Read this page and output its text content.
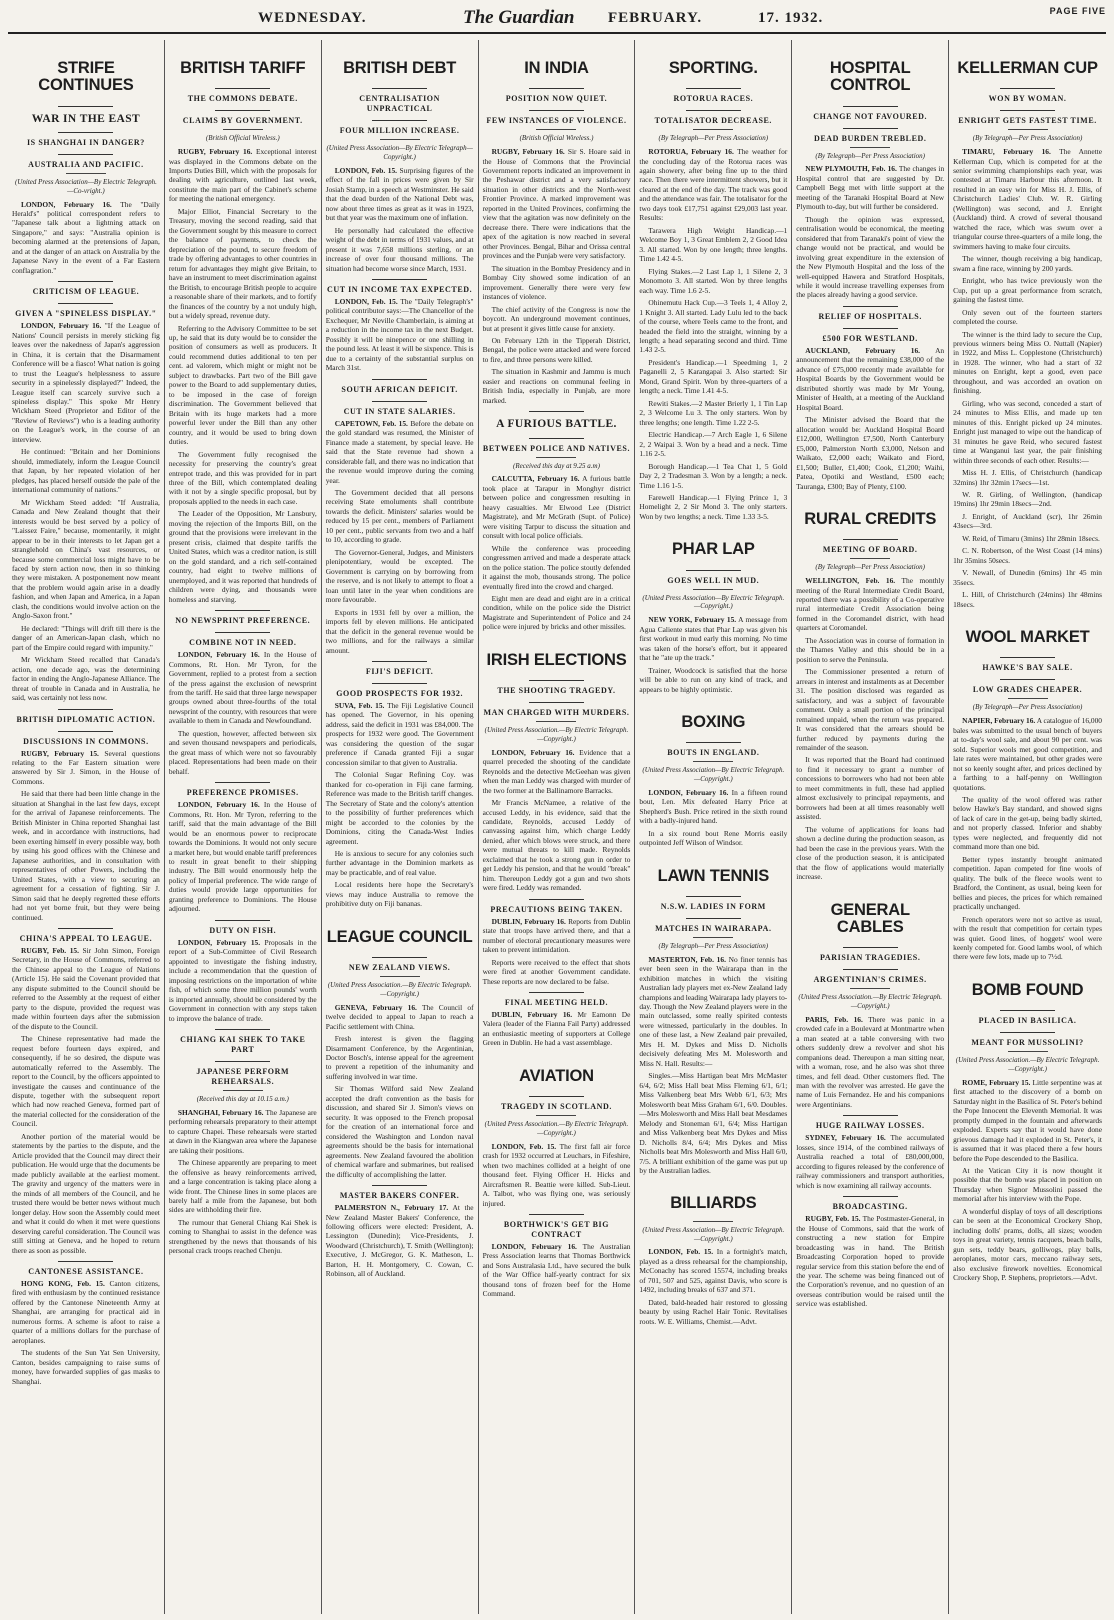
WEDNESDAY.	The Guardian FEBRUARY.	17. 1932.	PAGE FIVE
STRIFE CONTINUES
WAR IN THE EAST
IS SHANGHAI IN DANGER?
AUSTRALIA AND PACIFIC.
(United Press Association—By Electric Telegraph.—Co-vright.)

LONDON, February 16. The "Daily Herald's" political correspondent refers to "Japanese talk about a lightning attack on Singapore," and says: "Australia opinion is becoming alarmed at the pretensions of Japan, and at the danger of an attack on Australia by the Japanese Navy in the event of a Far Eastern conflagration."

CRITICISM OF LEAGUE.
GIVEN A "SPINELESS DISPLAY."

LONDON, February 16. "If the League of Nations' Council persists in merely sticking fig leaves over the nakedness of Japan's aggression in China, it is certain that the Disarmament Conference will be a fiasco! What nation is going to trust the League's helplessness to assure security in a spinelessly displayed?" Indeed, the League itself can scarcely survive such a spineless display." This spoke Mr Henry Wickham Steed (Proprietor and Editor of the "Review of Reviews") who is a leading authority on the League's work, in the course of an interview.

He continued: "Britain and her Dominions should, immediately, inform the League Council that Japan, by her repeated violation of her pledges, has placed herself outside the pale of the international community of nations."

Mr Wickham Steed added: "If Australia, Canada and New Zealand thought that their interests would be best served by a policy of "Laissez Faire," because, momentarily, it might appear to be in their interests to let Japan get a stranglehold on China's vast resources, or because some commercial loss might have to be faced by stern action now, then in so thinking they were mistaken. A postponement now meant that the problem would again arise in a deadly fashion, and when Japan and America, in a Japan clash, the conditions would involve action on the Anglo-Saxon front."

He declared: "Things will drift till there is the danger of an American-Japan clash, which no part of the Empire could regard with impunity."

Mr Wickham Steed recalled that Canada's action, one decade ago, was the determining factor in ending the Anglo-Japanese Alliance. The threat of trouble in Canada and in Australia, he said, was certainly not less now.

BRITISH DIPLOMATIC ACTION.
DISCUSSIONS IN COMMONS.

RUGBY, February 15. Several questions relating to the Far Eastern situation were answered by Sir J. Simon, in the House of Commons.

He said that there had been little change in the situation at Shanghai in the last few days, except for the arrival of Japanese reinforcements. The British Minister in China reported Shanghai last week, and in accordance with instructions, had been exerting himself in every possible way, both by using his good offices with the Chinese and Japanese authorities, and in consultation with representatives of other Powers, including the United States, with a view to securing an agreement for a cessation of fighting. Sir J. Simon said that he deeply regretted these efforts had not yet borne fruit, but they were being continued.

CHINA'S APPEAL TO LEAGUE.

RUGBY, Feb. 15. Sir John Simon, Foreign Secretary, in the House of Commons, referred to the Chinese appeal to the League of Nations (Article 15). He said the Covenant provided that any dispute submitted to the Council should be referred to the Assembly at the request of either party to the dispute, provided the request was made within fourteen days after the submission of the dispute to the Council.

The Chinese representative had made the request before fourteen days expired, and consequently, if he so desired, the dispute was automatically referred to the Assembly. The report to the Council, by the officers appointed to investigate the causes and continuance of the dispute, together with the subsequent report which had now reached Geneva, formed part of the material collected for the consideration of the Council.

Another portion of the material would be statements by the parties to the dispute, and the Article provided that the Council may direct their publication. He would urge that the documents be made publicly available at the earliest moment. The gravity and urgency of the matters were in the minds of all members of the Council, and he trusted there would be better news without much longer delay. How soon the Assembly could meet and what it could do when it met were questions deserving careful consideration. The Council was still sitting at Geneva, and he hoped to return there as soon as possible.

CANTONESE ASSISTANCE.

HONG KONG, Feb. 15. Canton citizens, fired with enthusiasm by the continued resistance offered by the Cantonese Nineteenth Army at Shanghai, are arranging for practical aid in numerous forms. A scheme is afoot to raise a quarter of a millions dollars for the purchase of aeroplanes.

The students of the Sun Yat Sen University, Canton, besides campaigning to raise sums of money, have forwarded supplies of gas masks to Shanghai.

BRITISH TARIFF
THE COMMONS DEBATE.
CLAIMS BY GOVERNMENT.
(British Official Wireless.)

RUGBY, February 16. Exceptional interest was displayed in the Commons debate on the Imports Duties Bill, which with the proposals for dealing with agriculture, outlined last week, constitute the main part of the Cabinet's scheme for meeting the national emergency.

Major Elliot, Financial Secretary to the Treasury, moving the second reading, said that the Government sought by this measure to correct the balance of payments, to check the depreciation of the pound, to secure freedom of trade by offering advantages to other countries in return for advantages they might give Britain, to have an instrument to meet discrimination against the British, to encourage British people to acquire a reasonable share of their markets, and to fortify the finances of the country by a not unduly high, but a widely spread, revenue duty.

Referring to the Advisory Committee to be set up, he said that its duty would be to consider the position of consumers as well as producers. It could recommend duties additional to ten per cent. ad valorem, which might or might not be subject to drawbacks. Part two of the Bill gave power to the Board to add supplementary duties, to be imposed in the case of foreign discrimination. The Government believed that Britain with its huge markets had a more powerful lever under the Bill than any other country, and it would be used to bring down duties.

The Government fully recognised the necessity for preserving the country's great entrepot trade, and this was provided for in part three of the Bill, which contemplated dealing with it not by a single specific proposal, but by proposals applied to the needs in each case.

The Leader of the Opposition, Mr Lansbury, moving the rejection of the Imports Bill, on the ground that the provisions were irrelevant in the present crisis, claimed that despite tariffs the United States, which was a creditor nation, is still on the gold standard, and a rich self-contained country, had eight to twelve millions of unemployed, and it was reported that hundreds of children were dying, and thousands were homeless and starving.

NO NEWSPRINT PREFERENCE.
COMBINE NOT IN NEED.

LONDON, February 16. In the House of Commons, Rt. Hon. Mr Tyron, for the Government, replied to a protest from a section of the press against the exclusion of newsprint from the tariff. He said that three large newspaper groups owned about three-fourths of the total newsprint of the country, with resources that were available to them in Canada and Newfoundland.

The question, however, affected between six and seven thousand newspapers and periodicals, the great mass of which were not so favourably placed. Representations had been made on their behalf.

PREFERENCE PROMISES.

LONDON, February 16. In the House of Commons, Rt. Hon. Mr Tyron, referring to the tariff, said that the main advantage of the Bill would be an enormous power to reciprocate towards the Dominions. It would not only secure a market here, but would enable tariff preferences to result in great benefit to their shipping industry. The Bill would enormously help the policy of Imperial preference. The wide range of duties would provide large opportunities for granting preference to Dominions. The House adjourned.

DUTY ON FISH.

LONDON, February 15. Proposals in the report of a Sub-Committee of Civil Research appointed to investigate the fishing industry, include a recommendation that the question of imposing restrictions on the importation of white fish, of which some three million pounds' worth is imported annually, should be considered by the Government in connection with any steps taken to improve the balance of trade.

CHIANG KAI SHEK TO TAKE PART
JAPANESE PERFORM REHEARSALS.
(Received this day at 10.15 a.m.)

SHANGHAI, February 16. The Japanese are performing rehearsals preparatory to their attempt to capture Chapei. These rehearsals were started at dawn in the Kiangwan area where the Japanese are taking their positions.

The Chinese apparently are preparing to meet the offensive as heavy reinforcements arrived, and a large concentration is taking place along a wide front. The Chinese lines in some places are barely half a mile from the Japanese, but both sides are withholding their fire.

The rumour that General Chiang Kai Shek is coming to Shanghai to assist in the defence was strengthened by the news that thousands of his personal crack troops reached Chenju.

BRITISH DEBT
CENTRALISATION UNPRACTICAL
FOUR MILLION INCREASE.
(United Press Association—By Electric Telegraph—Copyright.)

LONDON, Feb. 15. Surprising figures of the effect of the fall in prices were given by Sir Josiah Stamp, in a speech at Westminster. He said that the dead burden of the National Debt was, now about three times as great as it was in 1923, but that year was the maximum one of inflation.

He personally had calculated the effective weight of the debt in terms of 1931 values, and at present it was 7,658 millions sterling, or an increase of over four thousand millions. The situation had become worse since March, 1931.

CUT IN INCOME TAX EXPECTED.

LONDON, Feb. 15. The "Daily Telegraph's" political contributor says:—The Chancellor of the Exchequer, Mr Neville Chamberlain, is aiming at a reduction in the income tax in the next Budget. Possibly it will be ninepence or one shilling in the pound less. At least it will be sixpence. This is due to a certainty of the substantial surplus on March 31st.

SOUTH AFRICAN DEFICIT.
CUT IN STATE SALARIES.

CAPETOWN, Feb. 15. Before the debate on the gold standard was resumed, the Minister of Finance made a statement, by special leave. He said that the State revenue had shown a considerable fall, and there was no indication that the revenue would improve during the coming year.

The Government decided that all persons receiving State emoluments shall contribute towards the deficit. Ministers' salaries would be reduced by 15 per cent., members of Parliament 10 per cent., public servants from two and a half to 10, according to grade.

The Governor-General, Judges, and Ministers plenipotentiary, would be excepted. The Government is carrying on by borrowing from the reserve, and is not likely to attempt to float a loan until later in the year when conditions are more favourable.

Exports in 1931 fell by over a million, the imports fell by eleven millions. He anticipated that the deficit in the general revenue would be two millions, and for the railways a similar amount.

FIJI'S DEFICIT.
GOOD PROSPECTS FOR 1932.

SUVA, Feb. 15. The Fiji Legislative Council has opened. The Governor, in his opening address, said the deficit in 1931 was £84,000. The prospects for 1932 were good. The Government was considering the question of the sugar preference if Canada granted Fiji a sugar concession similar to that given to Australia.

The Colonial Sugar Refining Coy. was thanked for co-operation in Fiji cane farming. Reference was made to the British tariff changes. The Secretary of State and the colony's attention to the possibility of further preferences which might be accorded to the colonies by the Dominions, citing the Canada-West Indies agreement.

He is anxious to secure for any colonies such further advantage in the Dominion markets as may be practicable, and of real value.

Local residents here hope the Secretary's views may induce Australia to remove the prohibitive duty on Fiji bananas.

LEAGUE COUNCIL
NEW ZEALAND VIEWS.
(United Press Association.—By Electric Telegraph.—Copyright.)

GENEVA, February 16. The Council of twelve decided to appeal to Japan to reach a Pacific settlement with China.

Fresh interest is given the flagging Disarmament Conference, by the Argentinian, Doctor Bosch's, intense appeal for the agreement to prevent a repetition of the inhumanity and suffering involved in war time.

Sir Thomas Wilford said New Zealand accepted the draft convention as the basis for discussion, and shared Sir J. Simon's views on security. It was opposed to the French proposal for the creation of an international force and considered the Washington and London naval agreements should be the basis for international agreements. New Zealand favoured the abolition of chemical warfare and submarines, but realised the difficulty of accomplishing the latter.

MASTER BAKERS CONFER.

PALMERSTON N., February 17. At the New Zealand Master Bakers' Conference, the following officers were elected: President, A. Lessington (Dunedin); Vice-Presidents, J. Woodward (Christchurch), T. Smith (Wellington); Executive, J. McGregor, G. K. Matheson, L. Barton, H. H. Montgomery, C. Cowan, C. Robinson, all of Auckland.

IN INDIA
POSITION NOW QUIET.
FEW INSTANCES OF VIOLENCE.
(British Official Wireless.)

RUGBY, February 16. Sir S. Hoare said in the House of Commons that the Provincial Government reports indicated an improvement in the Peshawar district and a very satisfactory situation in other districts and the North-west Frontier Province. A marked improvement was reported in the United Provinces, confirming the view that the agitation was now definitely on the decrease there. There were indications that the apex of the agitation is now reached in several other Provinces. Bengal, Bihar and Orissa central provinces and the Punjab were very satisfactory.

The situation in the Bombay Presidency and in Bombay City showed some indication of an improvement. Generally there were very few instances of violence.

The chief activity of the Congress is now the boycott. An underground movement continues, but at present it gives little cause for anxiety.

On February 12th in the Tipperah District, Bengal, the police were attacked and were forced to fire, and three persons were killed.

The situation in Kashmir and Jammu is much easier and reactions on communal feeling in British India, especially in Punjab, are more marked.

A FURIOUS BATTLE.
BETWEEN POLICE AND NATIVES.
(Received this day at 9.25 a.m)

CALCUTTA, February 16. A furious battle took place at Tarapur in Monghyr district between police and congressmen resulting in heavy casualties. Mr Elwood Lee (District Magistrate), and Mr McGrath (Supt. of Police) were visiting Tarpur to discuss the situation and consult with local police officials.

While the conference was proceeding congressmen arrived and made a desperate attack on the police station. The police stoutly defended it against the mob, thousands strong. The police eventually fired into the crowd and charged.

Eight men are dead and eight are in a critical condition, while on the police side the District Magistrate and Superintendent of Police and 24 police were injured by bricks and other missiles.

IRISH ELECTIONS
THE SHOOTING TRAGEDY.
MAN CHARGED WITH MURDERS.
(United Press Association.—By Electric Telegraph.—Copyright.)

LONDON, February 16. Evidence that a quarrel preceded the shooting of the candidate Reynolds and the detective McGeehan was given when the man Leddy was charged with murder of the two former at the Ballinamore Barracks.

Mr Francis McNamee, a relative of the accused Leddy, in his evidence, said that the candidate, Reynolds, accused Leddy of canvassing against him, which charge Leddy denied, after which blows were struck, and there were mutual threats to kill made. Reynolds exclaimed that he took a strong gun in order to get Leddy his pension, and that he would "break" him. Thereupon Leddy got a gun and two shots were fired. Leddy was remanded.

PRECAUTIONS BEING TAKEN.

DUBLIN, February 16. Reports from Dublin state that troops have arrived there, and that a number of electoral precautionary measures were taken to prevent intimidation.

Reports were received to the effect that shots were fired at another Government candidate. These reports are now declared to be false.

FINAL MEETING HELD.

DUBLIN, February 16. Mr Eamonn De Valera (leader of the Fianna Fail Party) addressed an enthusiastic meeting of supporters at College Green in Dublin. He had a vast assemblage.

AVIATION
TRAGEDY IN SCOTLAND.
(United Press Association.—By Electric Telegraph.—Copyright.)

LONDON, Feb. 15. The first fall air force crash for 1932 occurred at Leuchars, in Fifeshire, when two machines collided at a height of one thousand feet. Flying Officer H. Hicks and Aircraftsmen R. Beattie were killed. Sub-Lieut. A. Talbot, who was flying one, was seriously injured.

BORTHWICK'S GET BIG CONTRACT

LONDON, February 16. The Australian Press Association learns that Thomas Borthwick and Sons Australasia Ltd., have secured the bulk of the War Office half-yearly contract for six thousand tons of frozen beef for the Home Command.

SPORTING.
ROTORUA RACES.
TOTALISATOR DECREASE.
(By Telegraph—Per Press Association)

ROTORUA, February 16. The weather for the concluding day of the Rotorua races was again showery, after being fine up to the third race. Then there were intermittent showers, but it cleared at the end of the day. The track was good and the attendance was fair. The totalisator for the two days took £17,751 against £29,003 last year. Results:

Tarawera High Weight Handicap.—1 Welcome Boy 1, 3 Great Emblem 2, 2 Good Idea 3. All started. Won by one length; three lengths. Time 1.42 4-5.

Flying Stakes.—2 Last Lap 1, 1 Silene 2, 3 Monomoto 3. All started. Won by three lengths each way. Time 1.6 2-5.

Ohinemutu Hack Cup.—3 Teels 1, 4 Alloy 2, 1 Knight 3. All started. Lady Lulu led to the back of the course, where Teels came to the front, and headed the field into the straight, winning by a length; a head separating second and third. Time 1.43 2-5.

President's Handicap.—1 Speedming 1, 2 Paganelli 2, 5 Karangapai 3. Also started: Sir Mond, Grand Spirit. Won by three-quarters of a length; a neck. Time 1.41 4-5.

Rewiti Stakes.—2 Master Brierly 1, 1 Tin Lap 2, 3 Welcome Lu 3. The only starters. Won by three lengths; one length. Time 1.22 2-5.

Electric Handicap.—7 Arch Eagle 1, 6 Silene 2, 2 Waipai 3. Won by a head and a neck. Time 1.16 2-5.

Borough Handicap.—1 Tea Chat 1, 5 Gold Day 2, 2 Tradesman 3. Won by a length; a neck. Time 1.16 1-5.

Farewell Handicap.—1 Flying Prince 1, 3 Homelight 2, 2 Sir Mond 3. The only starters. Won by two lengths; a neck. Time 1.33 3-5.

PHAR LAP
GOES WELL IN MUD.
(United Press Association—By Electric Telegraph.—Copyright.)

NEW YORK, February 15. A message from Agua Caliente states that Phar Lap was given his first workout in mud early this morning. No time was taken of the horse's effort, but it appeared that he "ate up the track."

Trainer, Woodcock is satisfied that the horse will be able to run on any kind of track, and appears to be highly optimistic.

BOXING
BOUTS IN ENGLAND.
(United Press Association—By Electric Telegraph.—Copyright.)

LONDON, February 16. In a fifteen round bout, Len. Mix defeated Harry Price at Shepherd's Bush. Price retired in the sixth round with a badly-injured hand.

In a six round bout Rene Morris easily outpointed Jeff Wilson of Windsor.

LAWN TENNIS
N.S.W. LADIES IN FORM
MATCHES IN WAIRARAPA.
(By Telegraph—Per Press Association)

MASTERTON, Feb. 16. No finer tennis has ever been seen in the Wairarapa than in the exhibition matches in which the visiting Australian lady players met ex-New Zealand lady champions and leading Wairarapa lady players to-day. Though the New Zealand players were in the main outclassed, some really spirited contests were witnessed, particularly in the doubles. In one of these last, a New Zealand pair prevailed, Mrs H. M. Dykes and Miss D. Nicholls decisively defeating Mrs M. Molesworth and Miss N. Hall. Results:—

Singles.—Miss Hartigan beat Mrs McMaster 6/4, 6/2; Miss Hall beat Miss Fleming 6/1, 6/1; Miss Valkenberg beat Mrs Webb 6/1, 6/3; Mrs Molesworth beat Miss Graham 6/1, 6/0. Doubles.—Mrs Molesworth and Miss Hall beat Mesdames Melody and Stoneman 6/1, 6/4; Miss Hartigan and Miss Valkenberg beat Mrs Dykes and Miss D. Nicholls 8/4, 6/4; Mrs Dykes and Miss Nicholls beat Mrs Molesworth and Miss Hall 6/0, 7/5. A brilliant exhibition of the game was put up by the Australian ladies.

BILLIARDS
(United Press Association—By Electric Telegraph.—Copyright.)

LONDON, Feb. 15. In a fortnight's match, played as a dress rehearsal for the championship, McConachy has scored 15574, including breaks of 701, 507 and 525, against Davis, who score is 1492, including breaks of 637 and 371.

Dated, bald-headed hair restored to glossing beauty by using Rachel Hair Tonic. Revitalises roots. W. E. Williams, Chemist.—Advt.

HOSPITAL CONTROL
CHANGE NOT FAVOURED.
DEAD BURDEN TREBLED.
(By Telegraph—Per Press Association)

NEW PLYMOUTH, Feb. 16. The changes in Hospital control that are suggested by Dr. Campbell Begg met with little support at the meeting of the Taranaki Hospital Board at New Plymouth to-day, but will further be considered.

Though the opinion was expressed, centralisation would be economical, the meeting considered that from Taranaki's point of view the change would not be practical, and would be involving great expenditure in the extension of the New Plymouth Hospital and the loss of the well-equipped Hawera and Stratford Hospitals, while it would increase travelling expenses from the places already having a good service.

RELIEF OF HOSPITALS.
£500 FOR WESTLAND.

AUCKLAND, February 16. An announcement that the remaining £38,000 of the advance of £75,000 recently made available for Hospital Boards by the Government would be distributed shortly was made by Mr Young, Minister of Health, at a meeting of the Auckland Hospital Board.

The Minister advised the Board that the allocation would be: Auckland Hospital Board £12,000, Wellington £7,500, North Canterbury £5,000, Palmerston North £3,000, Nelson and Waikato, £2,000 each; Waikato and Fiord, £1,500; Buller, £1,400; Cook, £1,200; Waihi, Patea, Opotiki and Westland, £500 each; Tauranga, £300; Bay of Plenty, £100.

RURAL CREDITS
MEETING OF BOARD.
(By Telegraph—Per Press Association)

WELLINGTON, Feb. 16. The monthly meeting of the Rural Intermediate Credit Board, reported there was a possibility of a Co-operative rural intermediate Credit Association being formed in the Coromandel district, with head quarters at Coromandel.

The Association was in course of formation in the Thames Valley and this should be in a position to serve the Peninsula.

The Commissioner presented a return of arrears in interest and instalments as at December 31. The position disclosed was regarded as satisfactory, and was a subject of favourable comment. Only a small portion of the principal remained unpaid, when the return was prepared. It was considered that the arrears should be further reduced by payments during the remainder of the season.

It was reported that the Board had continued to find it necessary to grant a number of concessions to borrowers who had not been able to meet commitments in full, these had applied almost exclusively to principal repayments, and borrowers had been at all times reasonably well assisted.

The volume of applications for loans had shown a decline during the production season, as had been the case in the previous years. With the close of the production season, it is anticipated that the flow of applications would materially increase.

GENERAL CABLES
PARISIAN TRAGEDIES.
ARGENTINIAN'S CRIMES.
(United Press Association.—By Electric Telegraph.—Copyright.)

PARIS, Feb. 16. There was panic in a crowded cafe in a Boulevard at Montmartre when a man seated at a table conversing with two others suddenly drew a revolver and shot his companions dead. Thereupon a man sitting near, with a woman, rose, and he also was shot three times, and fell dead. Other customers fled. The man with the revolver was arrested. He gave the name of Luis Fernandez. He and his companions were Argentinians.

HUGE RAILWAY LOSSES.

SYDNEY, February 16. The accumulated losses, since 1914, of the combined railways of Australia reached a total of £80,000,000, according to figures released by the conference of railway commissioners and transport authorities, which is now examining all railway accounts.

BROADCASTING.

RUGBY, Feb. 15. The Postmaster-General, in the House of Commons, said that the work of constructing a new station for Empire broadcasting was in hand. The British Broadcasting Corporation hoped to provide regular service from this station before the end of the year. The scheme was being financed out of the Corporation's revenue, and no question of an overseas contribution would be raised until the service was established.

KELLERMAN CUP
WON BY WOMAN.
ENRIGHT GETS FASTEST TIME.
(By Telegraph—Per Press Association)

TIMARU, February 16. The Annette Kellerman Cup, which is competed for at the senior swimming championships each year, was contested at Timaru Harbour this afternoon. It resulted in an easy win for Miss H. J. Ellis, of Christchurch Ladies' Club. W. R. Girling (Wellington) was second, and J. Enright (Auckland) third. A crowd of several thousand watched the race, which was swum over a triangular course three-quarters of a mile long, the swimmers having to make four circuits.

The winner, though receiving a big handicap, swam a fine race, winning by 200 yards.

Enright, who has twice previously won the Cup, put up a great performance from scratch, gaining the fastest time.

Only seven out of the fourteen starters completed the course.

The winner is the third lady to secure the Cup, previous winners being Miss O. Nuttall (Napier) in 1922, and Miss L. Copplestone (Christchurch) in 1928. The winner, who had a start of 32 minutes on Enright, kept a good, even pace throughout, and was accorded an ovation on finishing.

Girling, who was second, conceded a start of 24 minutes to Miss Ellis, and made up ten minutes of this. Enright picked up 24 minutes. Enright just managed to wipe out the handicap of 31 minutes he gave Reid, who secured fastest time at Wanganui last year, the pair finishing within three seconds of each other. Results:—

Miss H. J. Ellis, of Christchurch (handicap 32mins) 1hr 32min 17secs—1st.

W. R. Girling, of Wellington, (handicap 19mins) 1hr 29min 18secs—2nd.

J. Enright, of Auckland (scr), 1hr 26min 43secs—3rd.

W. Reid, of Timaru (3mins) 1hr 28min 18secs.

C. N. Robertson, of the West Coast (14 mins) 1hr 35mins 50secs.

V. Newall, of Dunedin (6mins) 1hr 45 min 35secs.

L. Hill, of Christchurch (24mins) 1hr 48mins 18secs.

WOOL MARKET
HAWKE'S BAY SALE.
LOW GRADES CHEAPER.
(By Telegraph—Per Press Association)

NAPIER, February 16. A catalogue of 16,000 bales was submitted to the usual bench of buyers at to-day's wool sale, and about 90 per cent. was sold. Superior wools met good competition, and late rates were maintained, but other grades were not so keenly sought after, and prices declined by a farthing to a half-penny on Wellington quotations.

The quality of the wool offered was rather below Hawke's Bay standard, and showed signs of lack of care in the get-up, being badly skirted, and not properly classed. Inferior and shabby types were neglected, and frequently did not command more than one bid.

Better types instantly brought animated competition. Japan competed for fine wools of quality. The bulk of the fleece wools went to Bradford, the Continent, as usual, being keen for bellies and pieces, the prices for which remained practically unchanged.

French operators were not so active as usual, with the result that competition for certain types was quiet. Good lines, of hoggets' wool were keenly competed for. Good lambs wool, of which there were few lots, made up to 7½d.

BOMB FOUND
PLACED IN BASILICA.
MEANT FOR MUSSOLINI?
(United Press Association.—By Electric Telegraph.—Copyright.)

ROME, February 15. Little serpentine was at first attached to the discovery of a bomb on Saturday night in the Basilica of St. Peter's behind the Pope Innocent the Eleventh Memorial. It was promptly dumped in the fountain and afterwards exploded. Experts say that it would have done grievous damage had it exploded in St. Peter's, it is assumed that it was placed there a few hours before the Pope descended to the Basilica.

At the Vatican City it is now thought it possible that the bomb was placed in position on Thursday when Signor Mussolini passed the memorial after his interview with the Pope.

A wonderful display of toys of all descriptions can be seen at the Economical Crockery Shop, including dolls' prams, dolls, all sizes; wooden toys in great variety, tennis racquets, beach balls, gun sets, teddy bears, golliwogs, play balls, aeroplanes, motor cars, meccano railway sets, also exclusive firework novelties. Economical Crockery Shop, P. Stephens, proprietors.—Advt.
